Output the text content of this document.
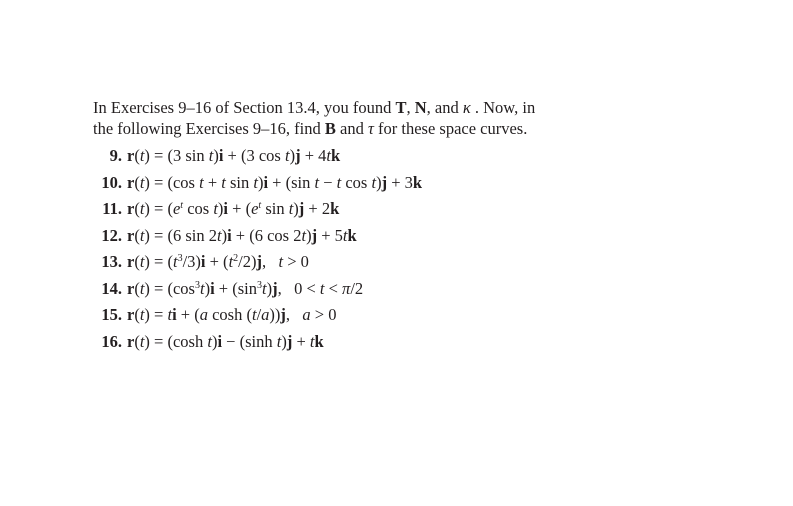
In Exercises 9–16 of Section 13.4, you found T, N, and κ . Now, in
the following Exercises 9–16, find B and τ for these space curves.
9. r(t) = (3 sin t)i + (3 cos t)j + 4tk
10. r(t) = (cos t + t sin t)i + (sin t − t cos t)j + 3k
11. $r(t) = (e^t$ $\cos t)i + (e^t$ sin t)j + 2k
12. r(t) = (6 sin 2t)i + (6 cos 2t)j + 5tk
13. $r(t) = (t^3/3)i + (t^2/2)j$,   t > 0
14. $r(t) = (\cos^3t)i + (\sin^3t)j$,   0 < t < π/2
15. r(t) = ti + (a cosh (t/a))j,   a > 0
16. r(t) = (cosh t)i − (sinh t)j + tk
